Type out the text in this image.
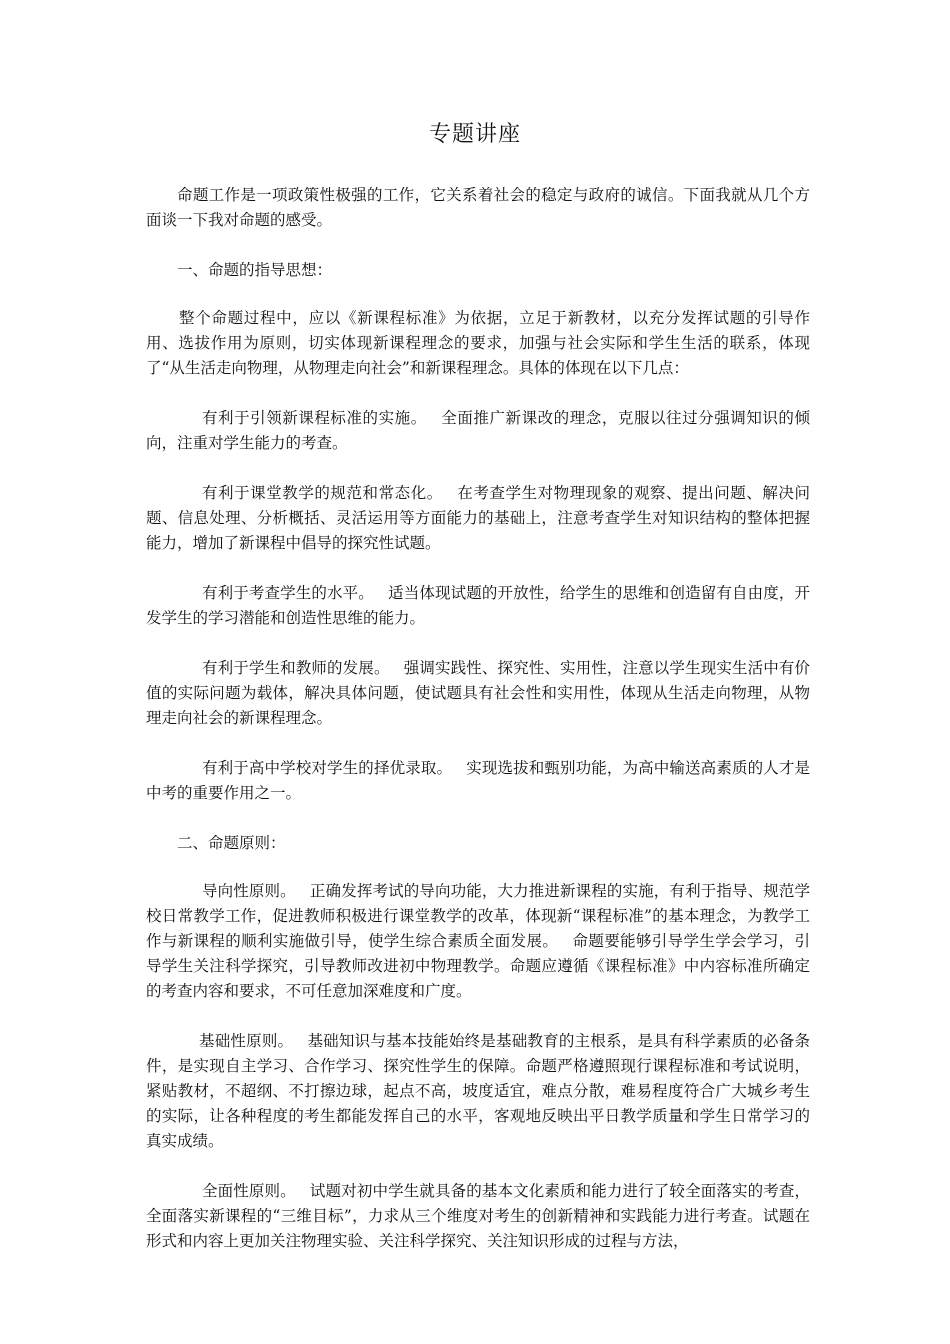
专题讲座

命题工作是一项政策性极强的工作，它关系着社会的稳定与政府的诚信。下面我就从几个方面谈一下我对命题的感受。

一、命题的指导思想：

整个命题过程中，应以《新课程标准》为依据，立足于新教材，以充分发挥试题的引导作用、选拔作用为原则，切实体现新课程理念的要求，加强与社会实际和学生生活的联系，体现了“从生活走向物理，从物理走向社会”和新课程理念。具体的体现在以下几点：

有利于引领新课程标准的实施。 全面推广新课改的理念，克服以往过分强调知识的倾向，注重对学生能力的考查。

有利于课堂教学的规范和常态化。 在考查学生对物理现象的观察、提出问题、解决问题、信息处理、分析概括、灵活运用等方面能力的基础上，注意考查学生对知识结构的整体把握能力，增加了新课程中倡导的探究性试题。

有利于考查学生的水平。 适当体现试题的开放性，给学生的思维和创造留有自由度，开发学生的学习潜能和创造性思维的能力。

有利于学生和教师的发展。 强调实践性、探究性、实用性，注意以学生现实生活中有价值的实际问题为载体，解决具体问题，使试题具有社会性和实用性，体现从生活走向物理，从物理走向社会的新课程理念。

有利于高中学校对学生的择优录取。 实现选拔和甄别功能，为高中输送高素质的人才是中考的重要作用之一。

二、命题原则：

导向性原则。 正确发挥考试的导向功能，大力推进新课程的实施，有利于指导、规范学校日常教学工作，促进教师积极进行课堂教学的改革，体现新“课程标准”的基本理念，为教学工作与新课程的顺利实施做引导，使学生综合素质全面发展。 命题要能够引导学生学会学习，引导学生关注科学探究，引导教师改进初中物理教学。命题应遵循《课程标准》中内容标准所确定的考查内容和要求，不可任意加深难度和广度。

基础性原则。 基础知识与基本技能始终是基础教育的主根系，是具有科学素质的必备条件，是实现自主学习、合作学习、探究性学生的保障。命题严格遵照现行课程标准和考试说明，紧贴教材，不超纲、不打擦边球，起点不高，坡度适宜，难点分散，难易程度符合广大城乡考生的实际，让各种程度的考生都能发挥自己的水平，客观地反映出平日教学质量和学生日常学习的真实成绩。

全面性原则。 试题对初中学生就具备的基本文化素质和能力进行了较全面落实的考查，全面落实新课程的“三维目标”，力求从三个维度对考生的创新精神和实践能力进行考查。试题在形式和内容上更加关注物理实验、关注科学探究、关注知识形成的过程与方法，
